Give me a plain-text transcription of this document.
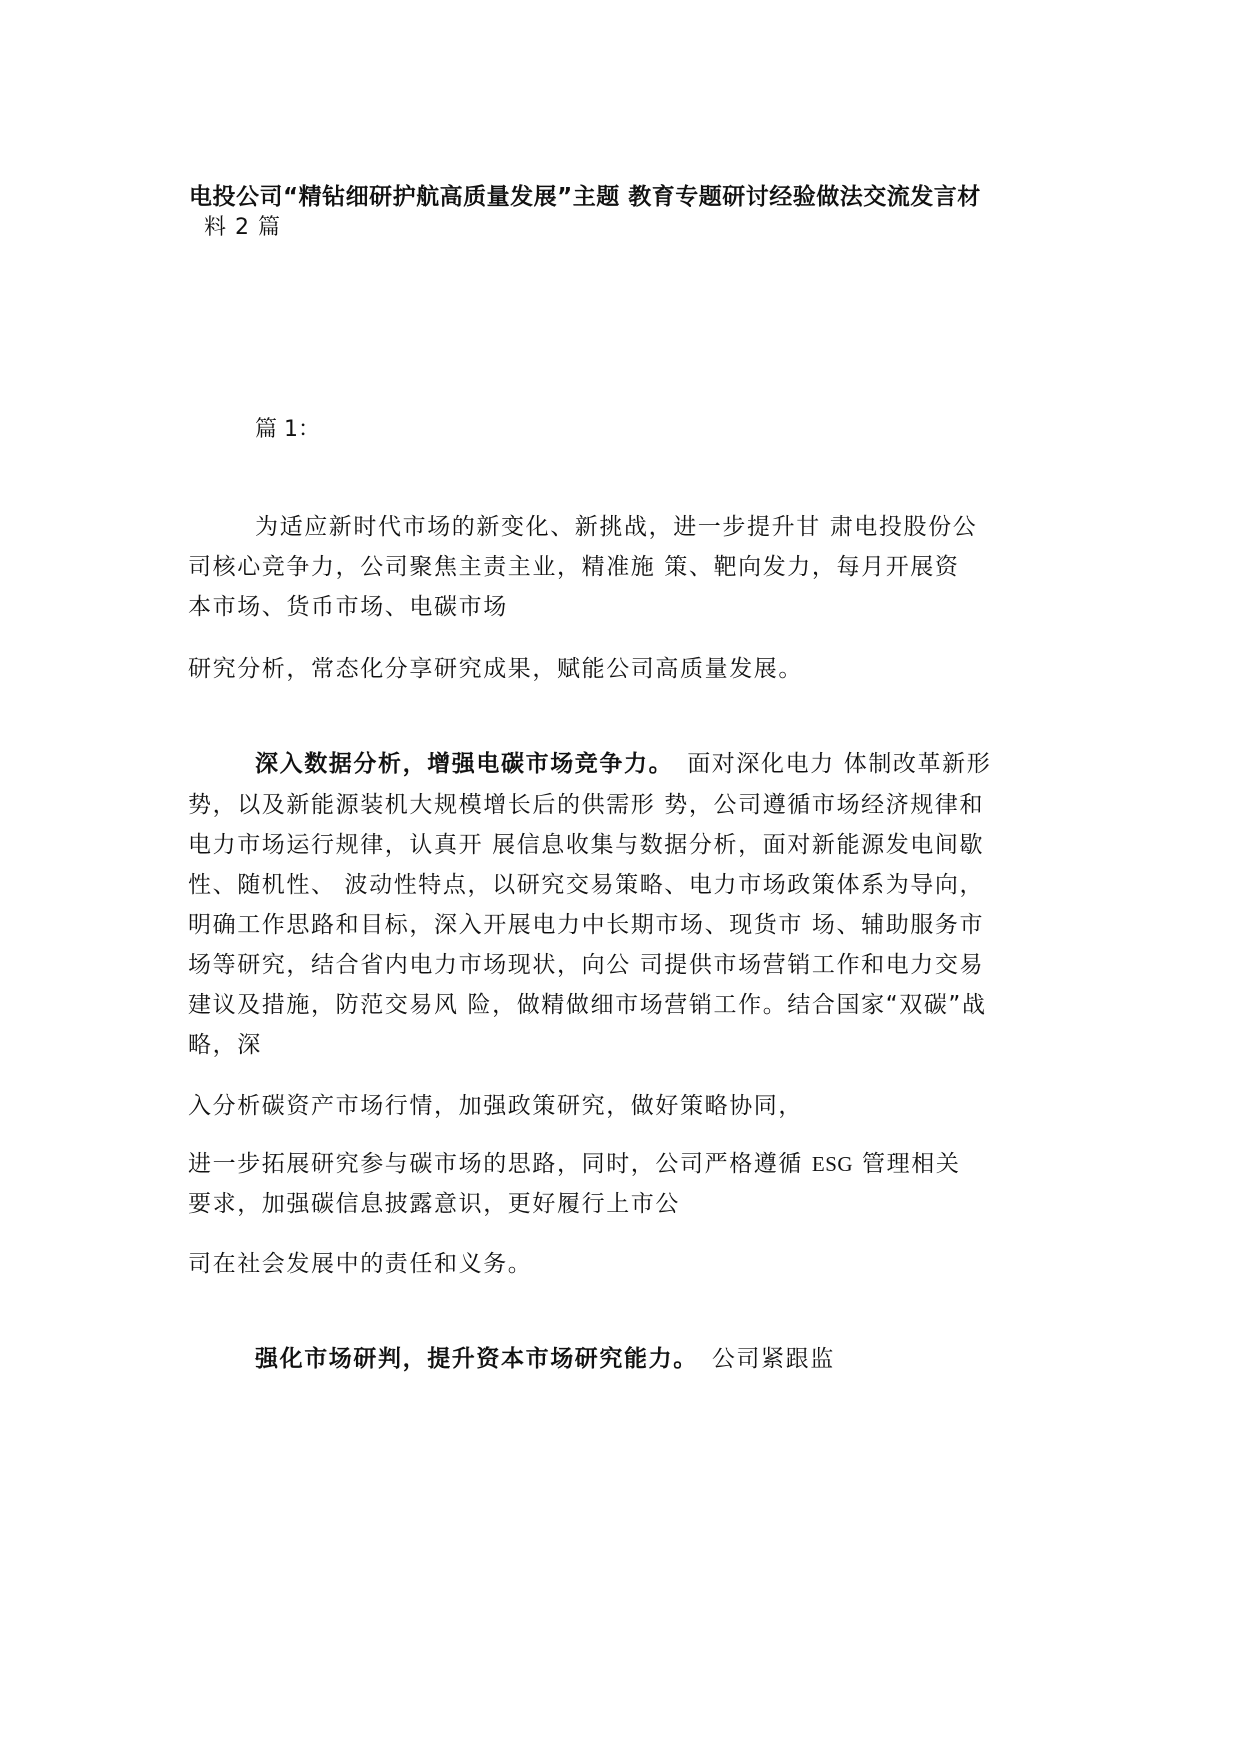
电投公司“精钻细研护航高质量发展”主题 教育专题研讨经验做法交流发言材
料 2 篇
篇 1：
为适应新时代市场的新变化、新挑战，进一步提升甘 肃电投股份公
司核心竞争力，公司聚焦主责主业，精准施 策、靶向发力，每月开展资
本市场、货币市场、电碳市场
研究分析，常态化分享研究成果，赋能公司高质量发展。
深入数据分析，增强电碳市场竞争力。 面对深化电力 体制改革新形
势，以及新能源装机大规模增长后的供需形 势，公司遵循市场经济规律和
电力市场运行规律，认真开 展信息收集与数据分析，面对新能源发电间歇
性、随机性、 波动性特点，以研究交易策略、电力市场政策体系为导向，
明确工作思路和目标，深入开展电力中长期市场、现货市 场、辅助服务市
场等研究，结合省内电力市场现状，向公 司提供市场营销工作和电力交易
建议及措施，防范交易风 险，做精做细市场营销工作。结合国家“双碳”战
略，深
入分析碳资产市场行情，加强政策研究，做好策略协同，
进一步拓展研究参与碳市场的思路，同时，公司严格遵循 ESG 管理相关
要求，加强碳信息披露意识，更好履行上市公
司在社会发展中的责任和义务。
强化市场研判，提升资本市场研究能力。 公司紧跟监
